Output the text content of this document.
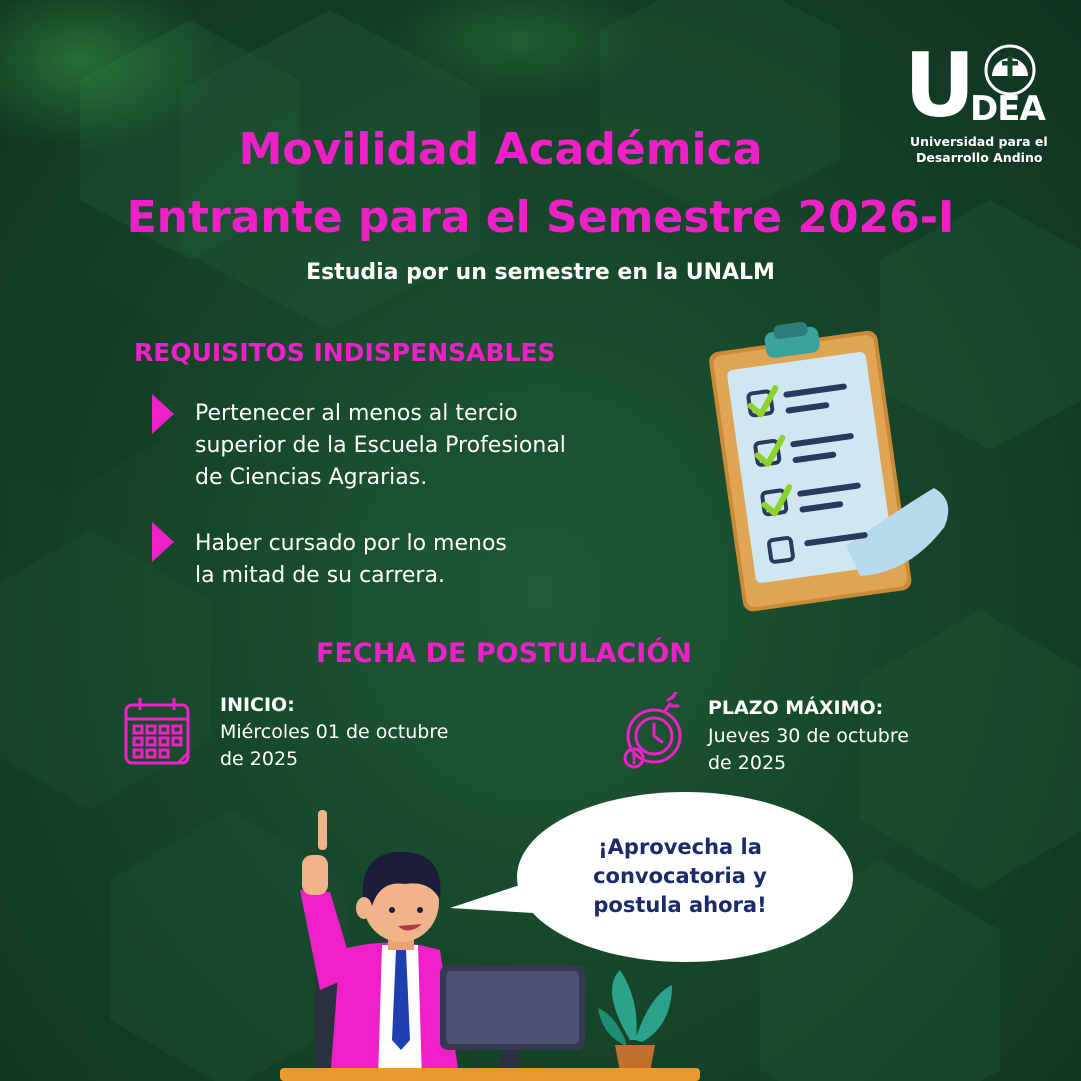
U
DEA
Universidad para el
Desarrollo Andino
Movilidad Académica
Entrante para el Semestre 2026-I
Estudia por un semestre en la UNALM
REQUISITOS INDISPENSABLES
Pertenecer al menos al tercio
superior de la Escuela Profesional
de Ciencias Agrarias.
Haber cursado por lo menos
la mitad de su carrera.
FECHA DE POSTULACIÓN
INICIO:
Miércoles 01 de octubre
de 2025
PLAZO MÁXIMO:
Jueves 30 de octubre
de 2025
¡Aprovecha la
convocatoria y
postula ahora!
